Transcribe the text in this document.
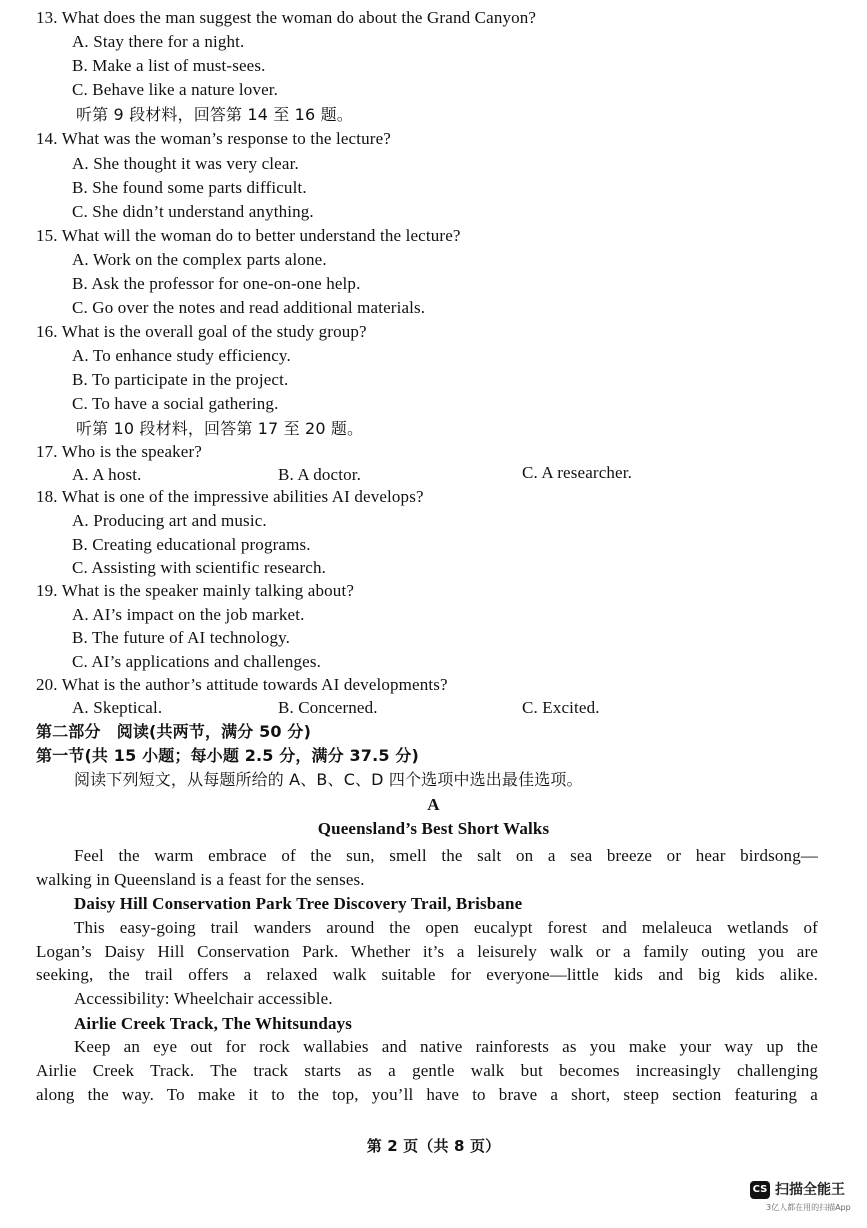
13. What does the man suggest the woman do about the Grand Canyon?
A. Stay there for a night.
B. Make a list of must-sees.
C. Behave like a nature lover.
听第 9 段材料，回答第 14 至 16 题。
14. What was the woman’s response to the lecture?
A. She thought it was very clear.
B. She found some parts difficult.
C. She didn’t understand anything.
15. What will the woman do to better understand the lecture?
A. Work on the complex parts alone.
B. Ask the professor for one-on-one help.
C. Go over the notes and read additional materials.
16. What is the overall goal of the study group?
A. To enhance study efficiency.
B. To participate in the project.
C. To have a social gathering.
听第 10 段材料，回答第 17 至 20 题。
17. Who is the speaker?
A. A host.	B. A doctor.	C. A researcher.
18. What is one of the impressive abilities AI develops?
A. Producing art and music.
B. Creating educational programs.
C. Assisting with scientific research.
19. What is the speaker mainly talking about?
A. AI’s impact on the job market.
B. The future of AI technology.
C. AI’s applications and challenges.
20. What is the author’s attitude towards AI developments?
A. Skeptical.	B. Concerned.	C. Excited.
第二部分　阅读(共两节，满分 50 分)
第一节(共 15 小题；每小题 2.5 分，满分 37.5 分)
阅读下列短文，从每题所给的 A、B、C、D 四个选项中选出最佳选项。
A
Queensland’s Best Short Walks
Feel the warm embrace of the sun, smell the salt on a sea breeze or hear birdsong—
walking in Queensland is a feast for the senses.
Daisy Hill Conservation Park Tree Discovery Trail, Brisbane
This easy-going trail wanders around the open eucalypt forest and melaleuca wetlands of
Logan’s Daisy Hill Conservation Park. Whether it’s a leisurely walk or a family outing you are
seeking, the trail offers a relaxed walk suitable for everyone—little kids and big kids alike.
Accessibility: Wheelchair accessible.
Airlie Creek Track, The Whitsundays
Keep an eye out for rock wallabies and native rainforests as you make your way up the
Airlie Creek Track. The track starts as a gentle walk but becomes increasingly challenging
along the way. To make it to the top, you’ll have to brave a short, steep section featuring a
第 2 页（共 8 页）
CS 扫描全能王
3亿人都在用的扫描App
